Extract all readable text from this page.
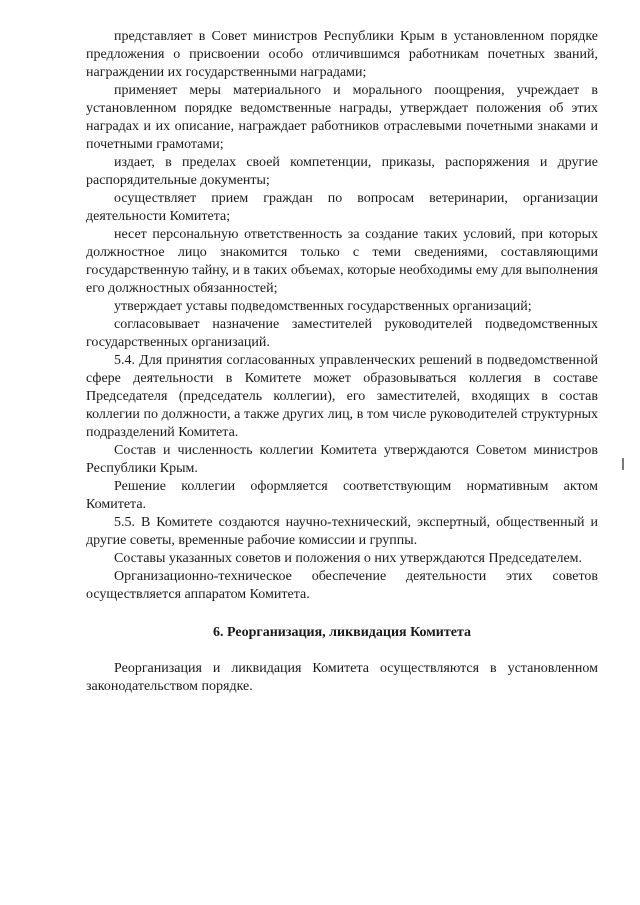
представляет в Совет министров Республики Крым в установленном порядке предложения о присвоении особо отличившимся работникам почетных званий, награждении их государственными наградами;

применяет меры материального и морального поощрения, учреждает в установленном порядке ведомственные награды, утверждает положения об этих наградах и их описание, награждает работников отраслевыми почетными знаками и почетными грамотами;

издает, в пределах своей компетенции, приказы, распоряжения и другие распорядительные документы;

осуществляет прием граждан по вопросам ветеринарии, организации деятельности Комитета;

несет персональную ответственность за создание таких условий, при которых должностное лицо знакомится только с теми сведениями, составляющими государственную тайну, и в таких объемах, которые необходимы ему для выполнения его должностных обязанностей;

утверждает уставы подведомственных государственных организаций;

согласовывает назначение заместителей руководителей подведомственных государственных организаций.

5.4. Для принятия согласованных управленческих решений в подведомственной сфере деятельности в Комитете может образовываться коллегия в составе Председателя (председатель коллегии), его заместителей, входящих в состав коллегии по должности, а также других лиц, в том числе руководителей структурных подразделений Комитета.

Состав и численность коллегии Комитета утверждаются Советом министров Республики Крым.

Решение коллегии оформляется соответствующим нормативным актом Комитета.

5.5. В Комитете создаются научно-технический, экспертный, общественный и другие советы, временные рабочие комиссии и группы.

Составы указанных советов и положения о них утверждаются Председателем.

Организационно-техническое обеспечение деятельности этих советов осуществляется аппаратом Комитета.

6. Реорганизация, ликвидация Комитета

Реорганизация и ликвидация Комитета осуществляются в установленном законодательством порядке.
